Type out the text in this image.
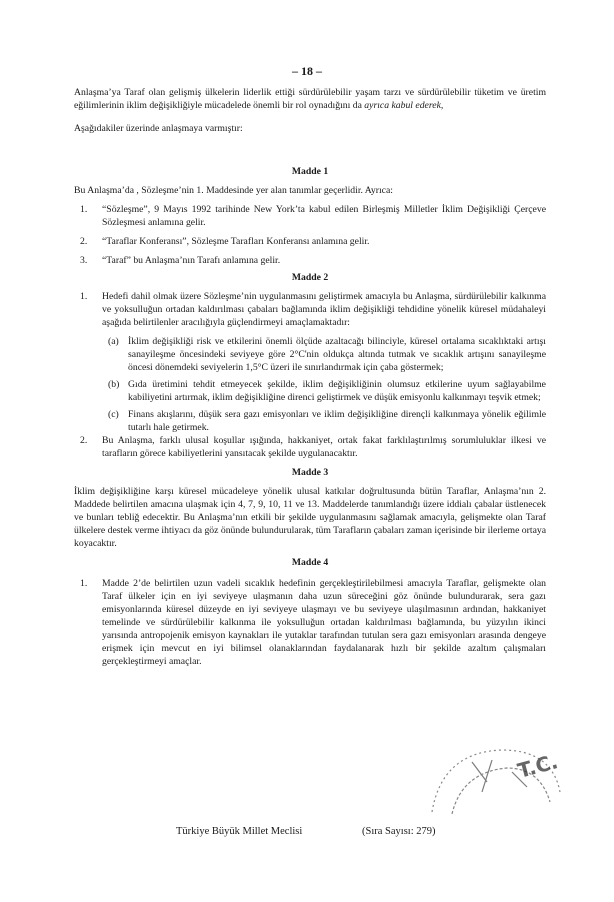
– 18 –

Anlaşma’ya Taraf olan gelişmiş ülkelerin liderlik ettiği sürdürülebilir yaşam tarzı ve sürdürülebilir tüketim ve üretim eğilimlerinin iklim değişikliğiyle mücadelede önemli bir rol oynadığını da ayrıca kabul ederek,

Aşağıdakiler üzerinde anlaşmaya varmıştır:

Madde 1

Bu Anlaşma’da , Sözleşme’nin 1. Maddesinde yer alan tanımlar geçerlidir. Ayrıca:

1.	“Sözleşme”, 9 Mayıs 1992 tarihinde New York’ta kabul edilen Birleşmiş Milletler İklim Değişikliği Çerçeve Sözleşmesi anlamına gelir.
2.	“Taraflar Konferansı”, Sözleşme Tarafları Konferansı anlamına gelir.
3.	“Taraf” bu Anlaşma’nın Tarafı anlamına gelir.

Madde 2

1.	Hedefi dahil olmak üzere Sözleşme’nin uygulanmasını geliştirmek amacıyla bu Anlaşma, sürdürülebilir kalkınma ve yoksulluğun ortadan kaldırılması çabaları bağlamında iklim değişikliği tehdidine yönelik küresel müdahaleyi aşağıda belirtilenler aracılığıyla güçlendirmeyi amaçlamaktadır:
(a) İklim değişikliği risk ve etkilerini önemli ölçüde azaltacağı bilinciyle, küresel ortalama sıcaklıktaki artışı sanayileşme öncesindeki seviyeye göre 2°C'nin oldukça altında tutmak ve sıcaklık artışını sanayileşme öncesi dönemdeki seviyelerin 1,5°C üzeri ile sınırlandırmak için çaba göstermek;
(b) Gıda üretimini tehdit etmeyecek şekilde, iklim değişikliğinin olumsuz etkilerine uyum sağlayabilme kabiliyetini artırmak, iklim değişikliğine direnci geliştirmek ve düşük emisyonlu kalkınmayı teşvik etmek;
(c) Finans akışlarını, düşük sera gazı emisyonları ve iklim değişikliğine dirençli kalkınmaya yönelik eğilimle tutarlı hale getirmek.
2.	Bu Anlaşma, farklı ulusal koşullar ışığında, hakkaniyet, ortak fakat farklılaştırılmış sorumluluklar ilkesi ve tarafların görece kabiliyetlerini yansıtacak şekilde uygulanacaktır.

Madde 3

İklim değişikliğine karşı küresel mücadeleye yönelik ulusal katkılar doğrultusunda bütün Taraflar, Anlaşma’nın 2. Maddede belirtilen amacına ulaşmak için 4, 7, 9, 10, 11 ve 13. Maddelerde tanımlandığı üzere iddialı çabalar üstlenecek ve bunları tebliğ edecektir. Bu Anlaşma’nın etkili bir şekilde uygulanmasını sağlamak amacıyla, gelişmekte olan Taraf ülkelere destek verme ihtiyacı da göz önünde bulundurularak, tüm Tarafların çabaları zaman içerisinde bir ilerleme ortaya koyacaktır.

Madde 4

1.	Madde 2’de belirtilen uzun vadeli sıcaklık hedefinin gerçekleştirilebilmesi amacıyla Taraflar, gelişmekte olan Taraf ülkeler için en iyi seviyeye ulaşmanın daha uzun süreceğini göz önünde bulundurarak, sera gazı emisyonlarında küresel düzeyde en iyi seviyeye ulaşmayı ve bu seviyeye ulaşılmasının ardından, hakkaniyet temelinde ve sürdürülebilir kalkınma ile yoksulluğun ortadan kaldırılması bağlamında, bu yüzyılın ikinci yarısında antropojenik emisyon kaynakları ile yutaklar tarafından tutulan sera gazı emisyonları arasında dengeye erişmek için mevcut en iyi bilimsel olanaklarından faydalanarak hızlı bir şekilde azaltım çalışmaları gerçekleştirmeyi amaçlar.
T.C.
Türkiye Büyük Millet Meclisi	(Sıra Sayısı: 279)
